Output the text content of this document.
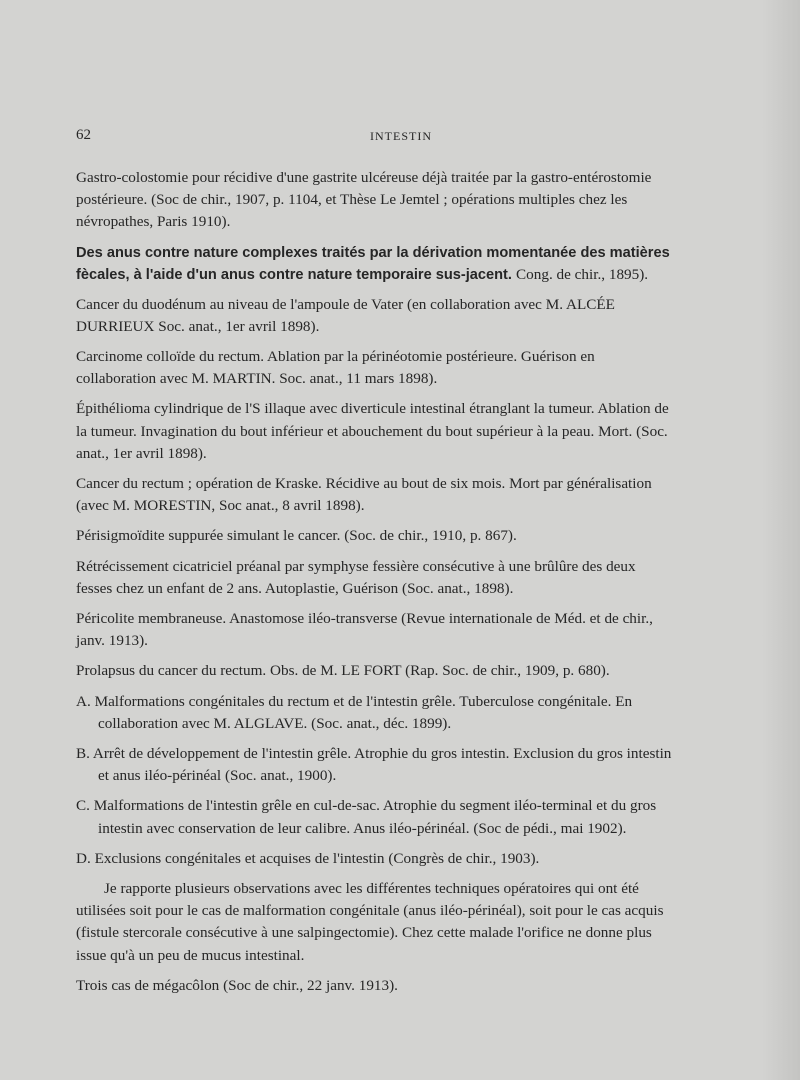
62	INTESTIN
Gastro-colostomie pour récidive d'une gastrite ulcéreuse déjà traitée par la gastro-entérostomie postérieure. (Soc de chir., 1907, p. 1104, et Thèse Le Jemtel ; opérations multiples chez les névropathes, Paris 1910).
Des anus contre nature complexes traités par la dérivation momentanée des matières fècales, à l'aide d'un anus contre nature temporaire sus-jacent. Cong. de chir., 1895).
Cancer du duodénum au niveau de l'ampoule de Vater (en collaboration avec M. ALCÉE DURRIEUX Soc. anat., 1er avril 1898).
Carcinome colloïde du rectum. Ablation par la périnéotomie postérieure. Guérison en collaboration avec M. MARTIN. Soc. anat., 11 mars 1898).
Épithélioma cylindrique de l'S illaque avec diverticule intestinal étranglant la tumeur. Ablation de la tumeur. Invagination du bout inférieur et abouchement du bout supérieur à la peau. Mort. (Soc. anat., 1er avril 1898).
Cancer du rectum ; opération de Kraske. Récidive au bout de six mois. Mort par généralisation (avec M. MORESTIN, Soc anat., 8 avril 1898).
Périsigmoïdite suppurée simulant le cancer. (Soc. de chir., 1910, p. 867).
Rétrécissement cicatriciel préanal par symphyse fessière consécutive à une brûlûre des deux fesses chez un enfant de 2 ans. Autoplastie, Guérison (Soc. anat., 1898).
Péricolite membraneuse. Anastomose iléo-transverse (Revue internationale de Méd. et de chir., janv. 1913).
Prolapsus du cancer du rectum. Obs. de M. LE FORT (Rap. Soc. de chir., 1909, p. 680).
A. Malformations congénitales du rectum et de l'intestin grêle. Tuberculose congénitale. En collaboration avec M. ALGLAVE. (Soc. anat., déc. 1899).
B. Arrêt de développement de l'intestin grêle. Atrophie du gros intestin. Exclusion du gros intestin et anus iléo-périnéal (Soc. anat., 1900).
C. Malformations de l'intestin grêle en cul-de-sac. Atrophie du segment iléo-terminal et du gros intestin avec conservation de leur calibre. Anus iléo-périnéal. (Soc de pédi., mai 1902).
D. Exclusions congénitales et acquises de l'intestin (Congrès de chir., 1903).
Je rapporte plusieurs observations avec les différentes techniques opératoires qui ont été utilisées soit pour le cas de malformation congénitale (anus iléo-périnéal), soit pour le cas acquis (fistule stercorale consécutive à une salpingectomie). Chez cette malade l'orifice ne donne plus issue qu'à un peu de mucus intestinal.
Trois cas de mégacôlon (Soc de chir., 22 janv. 1913).
